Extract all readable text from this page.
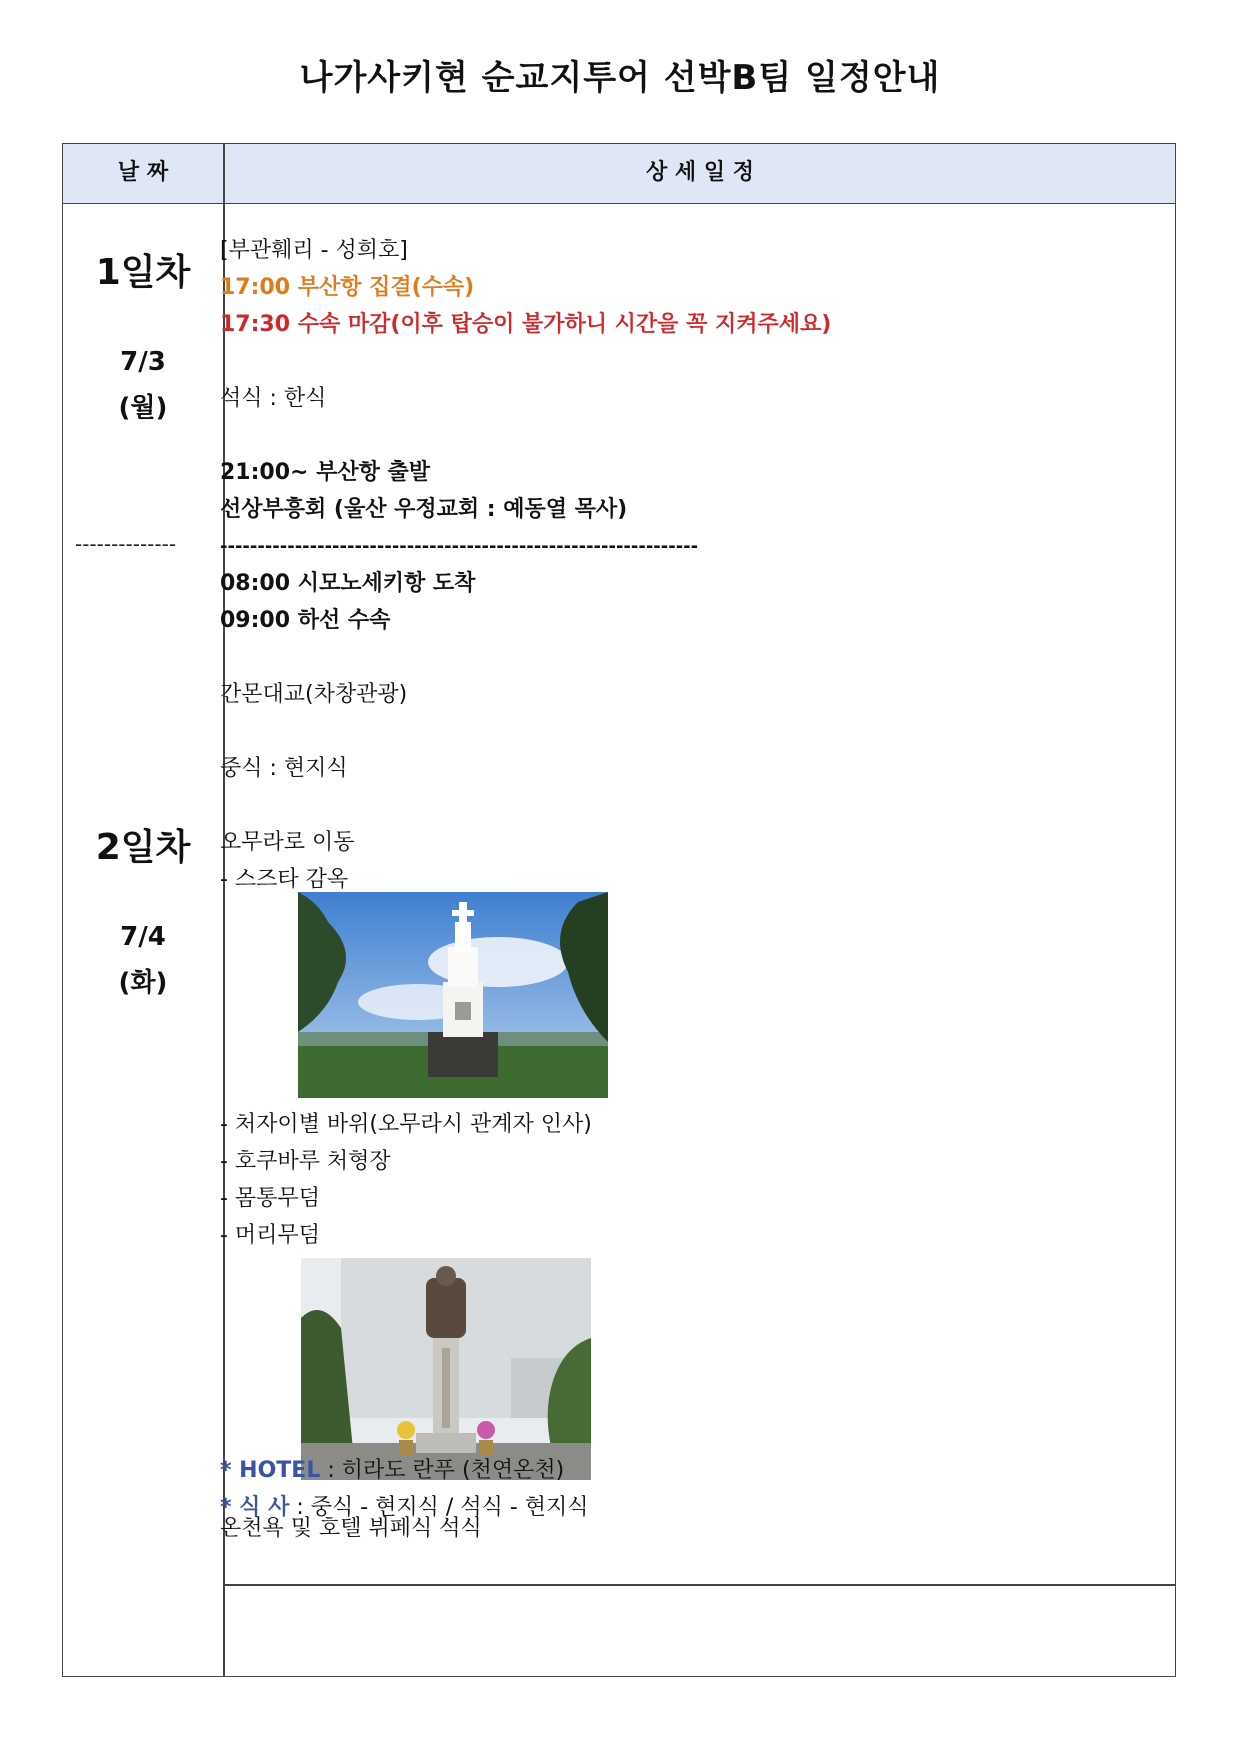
나가사키현 순교지투어 선박B팀 일정안내
날 짜	상 세 일 정
1일차
7/3
(월)
--------------
2일차
7/4
(화)
[부관훼리 - 성희호]
17:00 부산항 집결(수속)
17:30 수속 마감(이후 탑승이 불가하니 시간을 꼭 지켜주세요)
석식 : 한식
21:00~ 부산항 출발
선상부흥회 (울산 우정교회 : 예동열 목사)
----------------------------------------------------------------
08:00 시모노세키항 도착
09:00 하선 수속
간몬대교(차창관광)
중식 : 현지식
오무라로 이동
- 스즈타 감옥
- 처자이별 바위(오무라시 관계자 인사)
- 호쿠바루 처형장
- 몸통무덤
- 머리무덤
온천욕 및 호텔 뷔페식 석식
* HOTEL : 히라도 란푸 (천연온천)
* 식 사 : 중식 - 현지식 / 석식 - 현지식
